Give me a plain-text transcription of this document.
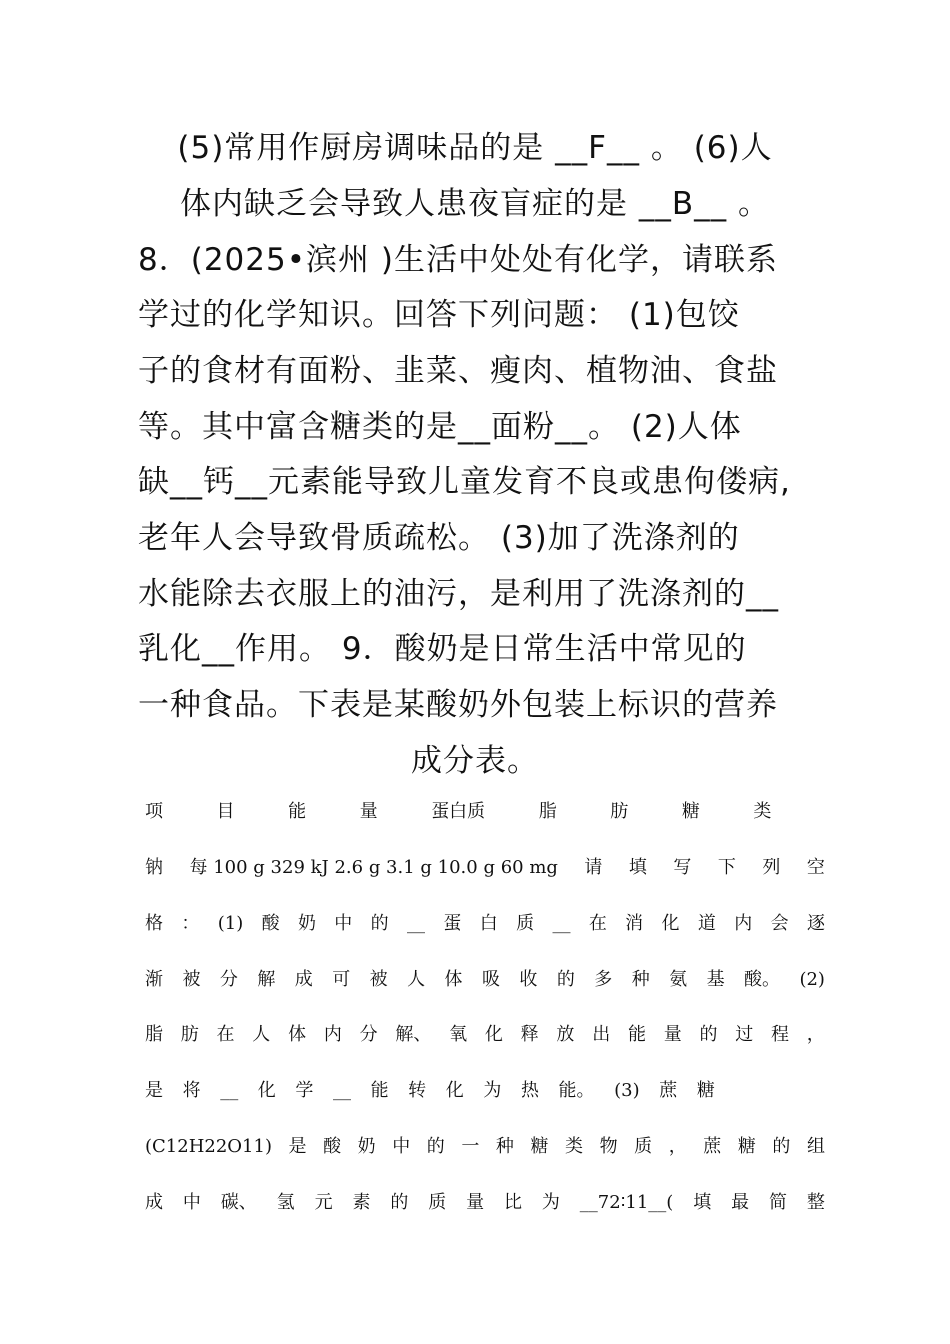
(5)常用作厨房调味品的是 __F__ 。 (6)人
体内缺乏会导致人患夜盲症的是 __B__ 。
8．(2025•滨州 )生活中处处有化学，请联系
学过的化学知识。回答下列问题： (1)包饺
子的食材有面粉、韭菜、瘦肉、植物油、食盐
等。其中富含糖类的是__面粉__。 (2)人体
缺__钙__元素能导致儿童发育不良或患佝偻病,
老年人会导致骨质疏松。 (3)加了洗涤剂的
水能除去衣服上的油污，是利用了洗涤剂的__
乳化__作用。 9．酸奶是日常生活中常见的
一种食品。下表是某酸奶外包装上标识的营养
成分表。
项	目	能	量	蛋白质	脂	肪	糖	类
钠 每 100 g 329 kJ 2.6 g 3.1 g 10.0 g 60 mg 请 填 写 下 列 空
格 ： (1) 酸 奶 中 的 __ 蛋 白 质 __ 在 消 化 道 内 会 逐
渐 被 分 解 成 可 被 人 体 吸 收 的 多 种 氨 基 酸。 (2)
脂 肪 在 人 体 内 分 解、 氧 化 释 放 出 能 量 的 过 程 ，
是 将 __ 化 学 __ 能 转 化 为 热 能。 (3) 蔗 糖
(C12H22O11) 是 酸 奶 中 的 一 种 糖 类 物 质 ， 蔗 糖 的 组
成 中 碳、 氢 元 素 的 质 量 比 为 __72∶11__( 填 最 简 整
